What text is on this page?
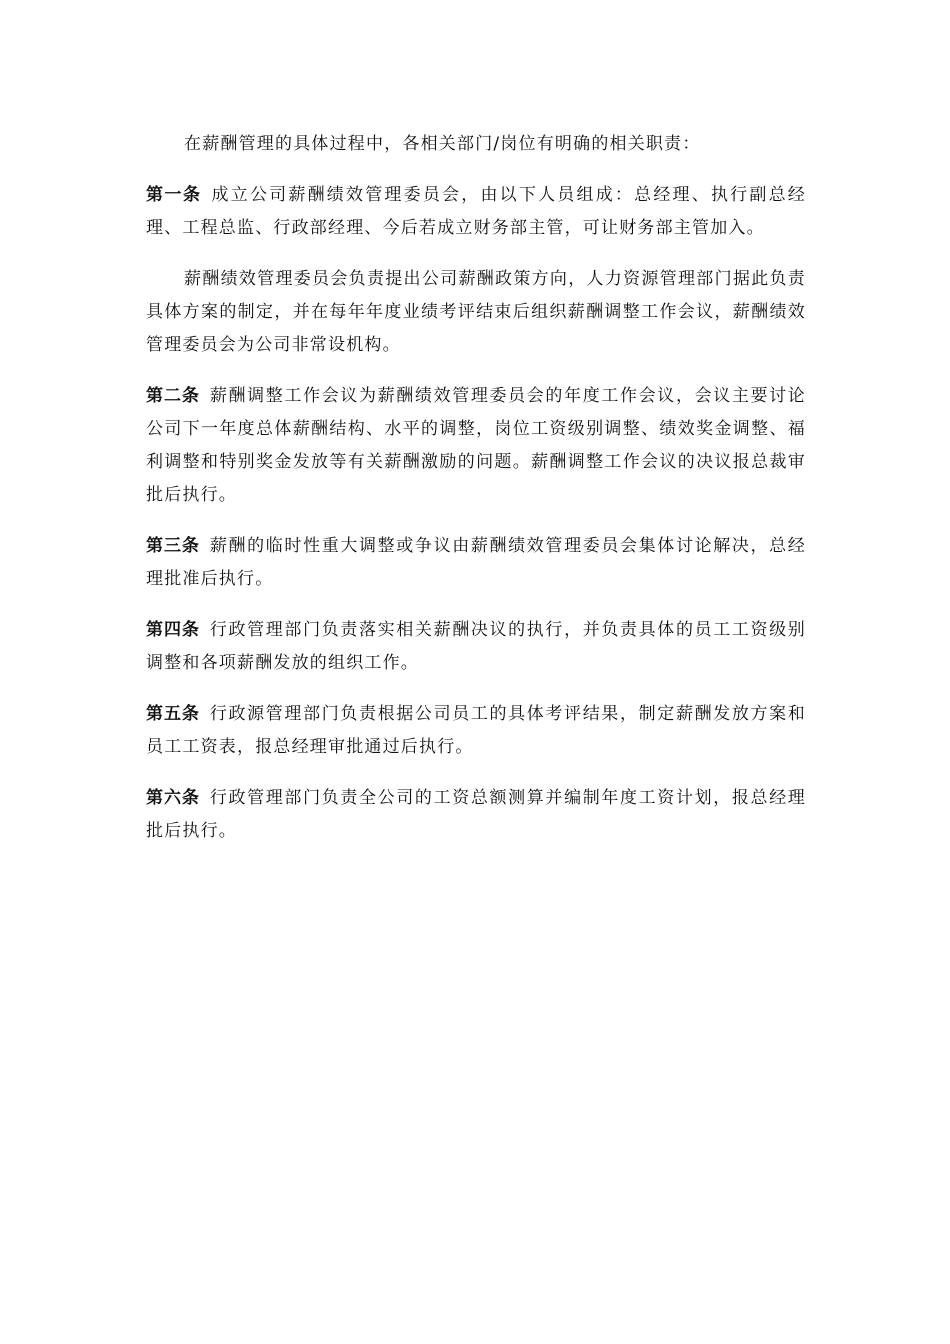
在薪酬管理的具体过程中，各相关部门/岗位有明确的相关职责：

第一条 成立公司薪酬绩效管理委员会，由以下人员组成：总经理、执行副总经理、工程总监、行政部经理、今后若成立财务部主管，可让财务部主管加入。

薪酬绩效管理委员会负责提出公司薪酬政策方向，人力资源管理部门据此负责具体方案的制定，并在每年年度业绩考评结束后组织薪酬调整工作会议，薪酬绩效管理委员会为公司非常设机构。

第二条 薪酬调整工作会议为薪酬绩效管理委员会的年度工作会议，会议主要讨论公司下一年度总体薪酬结构、水平的调整，岗位工资级别调整、绩效奖金调整、福利调整和特别奖金发放等有关薪酬激励的问题。薪酬调整工作会议的决议报总裁审批后执行。

第三条 薪酬的临时性重大调整或争议由薪酬绩效管理委员会集体讨论解决，总经理批准后执行。

第四条 行政管理部门负责落实相关薪酬决议的执行，并负责具体的员工工资级别调整和各项薪酬发放的组织工作。

第五条 行政源管理部门负责根据公司员工的具体考评结果，制定薪酬发放方案和员工工资表，报总经理审批通过后执行。

第六条 行政管理部门负责全公司的工资总额测算并编制年度工资计划，报总经理批后执行。
